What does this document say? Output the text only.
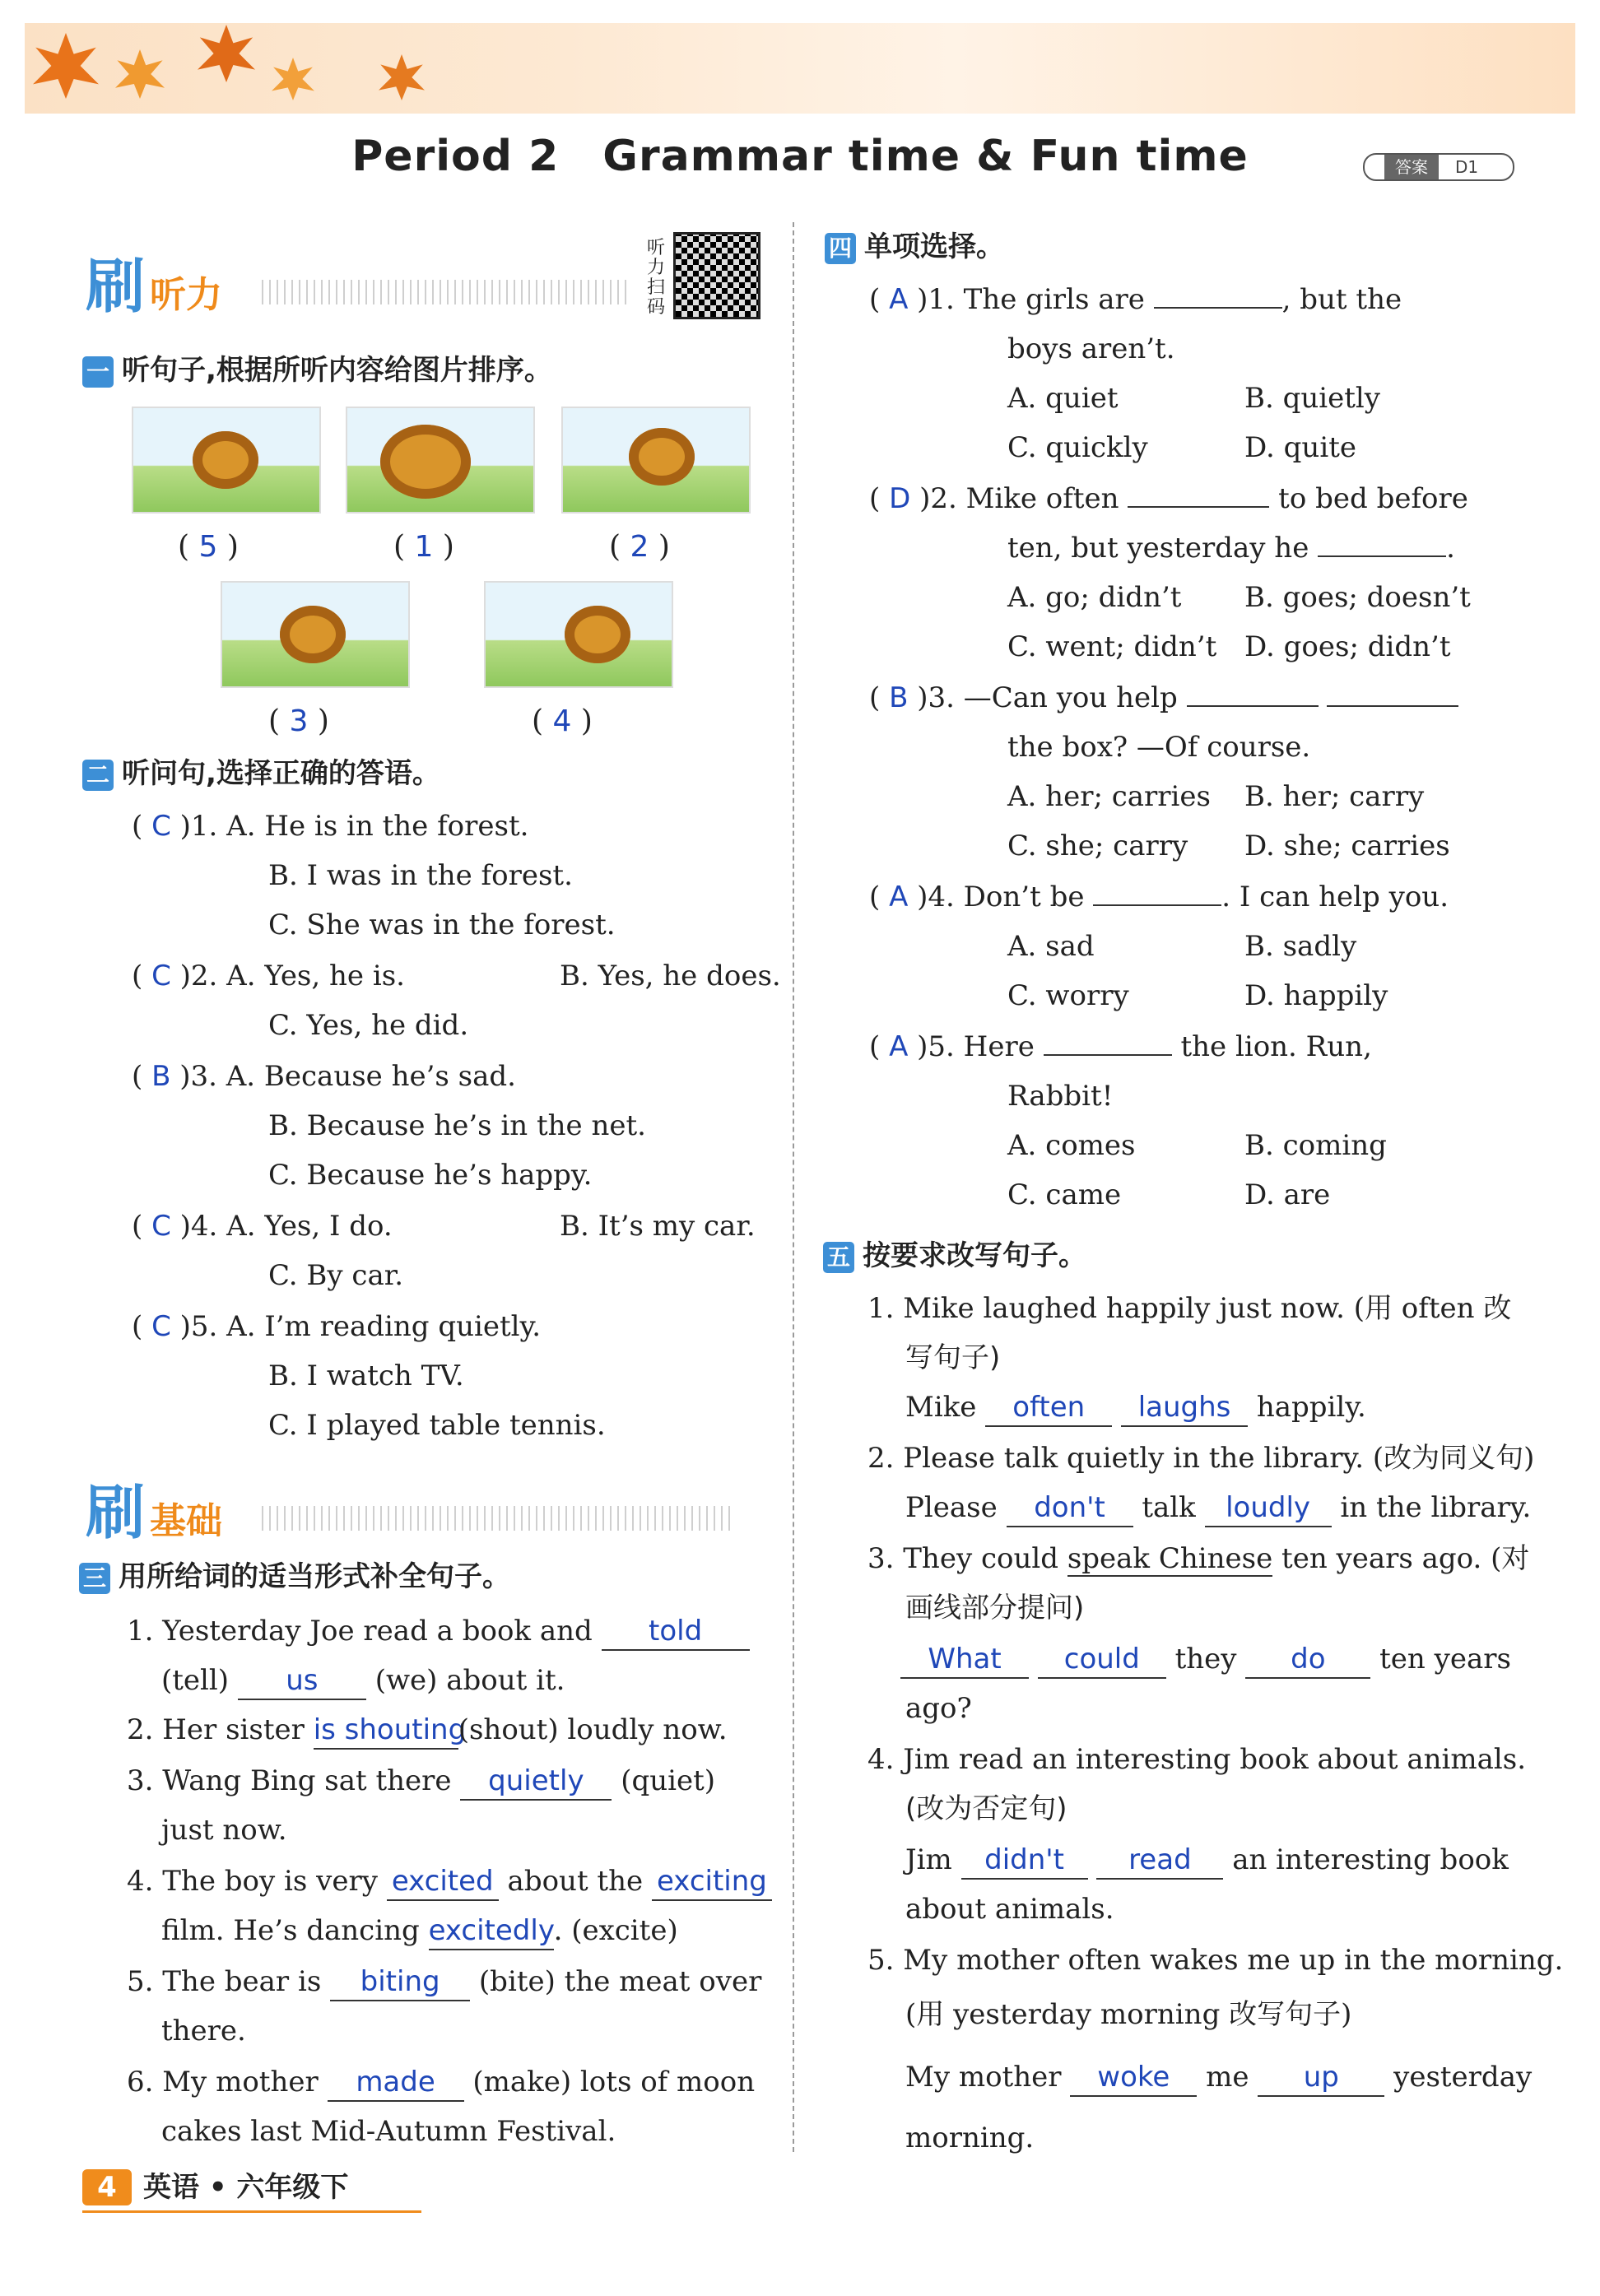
Period 2 Grammar time & Fun time	答案	D1
刷听力
听力扫码
一 听句子,根据所听内容给图片排序。
( 5 )	( 1 )	( 2 )
( 3 )	( 4 )
二 听问句,选择正确的答语。
( C )1. A. He is in the forest.
B. I was in the forest.
C. She was in the forest.
( C )2. A. Yes, he is.	B. Yes, he does.
C. Yes, he did.
( B )3. A. Because he’s sad.
B. Because he’s in the net.
C. Because he’s happy.
( C )4. A. Yes, I do.	B. It’s my car.
C. By car.
( C )5. A. I’m reading quietly.
B. I watch TV.
C. I played table tennis.
刷基础
三 用所给词的适当形式补全句子。
1. Yesterday Joe read a book and told
(tell) us (we) about it.
2. Her sister is shouting(shout) loudly now.
3. Wang Bing sat there quietly (quiet)
just now.
4. The boy is very excited about the exciting
film. He’s dancing excitedly. (excite)
5. The bear is biting (bite) the meat over
there.
6. My mother made (make) lots of moon
cakes last Mid-Autumn Festival.
四 单项选择。
( A )1. The girls are	, but the
boys aren’t.
A. quiet	B. quietly
C. quickly	D. quite
( D )2. Mike often	to bed before
ten, but yesterday he	.
A. go; didn’t B. goes; doesn’t
C. went; didn’t D. goes; didn’t
( B )3. —Can you help
the box? —Of course.
A. her; carries B. her; carry
C. she; carry D. she; carries
( A )4. Don’t be	. I can help you.
A. sad	B. sadly
C. worry	D. happily
( A )5. Here	the lion. Run,
Rabbit!
A. comes	B. coming
C. came	D. are
五 按要求改写句子。
1. Mike laughed happily just now. (用 often 改
写句子)
Mike often laughs happily.
2. Please talk quietly in the library. (改为同义句)
Please don't talk loudly in the library.
3. They could speak Chinese ten years ago. (对
画线部分提问)
What could they do ten years
ago?
4. Jim read an interesting book about animals.
(改为否定句)
Jim didn't read an interesting book
about animals.
5. My mother often wakes me up in the morning.
(用 yesterday morning 改写句子)
My mother woke me up yesterday
morning.
4 英语 • 六年级下
